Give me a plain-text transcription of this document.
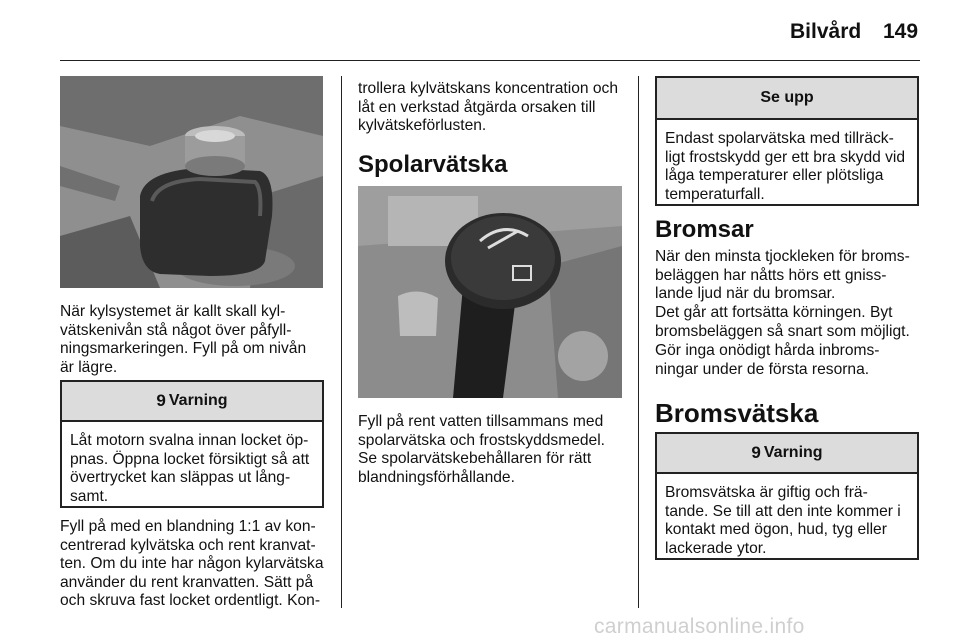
Bilvård 149

När kylsystemet är kallt skall kyl-vätskenivån stå något över påfyll-ningsmarkeringen. Fyll på om nivån är lägre.

9 Varning
Låt motorn svalna innan locket öp-pnas. Öppna locket försiktigt så att övertrycket kan släppas ut lång-samt.

Fyll på med en blandning 1:1 av kon-centrerad kylvätska och rent kranvat-ten. Om du inte har någon kylarvätska använder du rent kranvatten. Sätt på och skruva fast locket ordentligt. Kon-

trollera kylvätskans koncentration och låt en verkstad åtgärda orsaken till kylvätskeförlusten.

Spolarvätska

Fyll på rent vatten tillsammans med spolarvätska och frostskyddsmedel. Se spolarvätskebehållaren för rätt blandningsförhållande.

Se upp
Endast spolarvätska med tillräck-ligt frostskydd ger ett bra skydd vid låga temperaturer eller plötsliga temperaturfall.
Bromsar

När den minsta tjockleken för broms-beläggen har nåtts hörs ett gniss-lande ljud när du bromsar.

Det går att fortsätta körningen. Byt bromsbeläggen så snart som möjligt.

Gör inga onödigt hårda inbroms-ningar under de första resorna.

Bromsvätska
9 Varning
Bromsvätska är giftig och frä-tande. Se till att den inte kommer i kontakt med ögon, hud, tyg eller lackerade ytor.
carmanualsonline.info
